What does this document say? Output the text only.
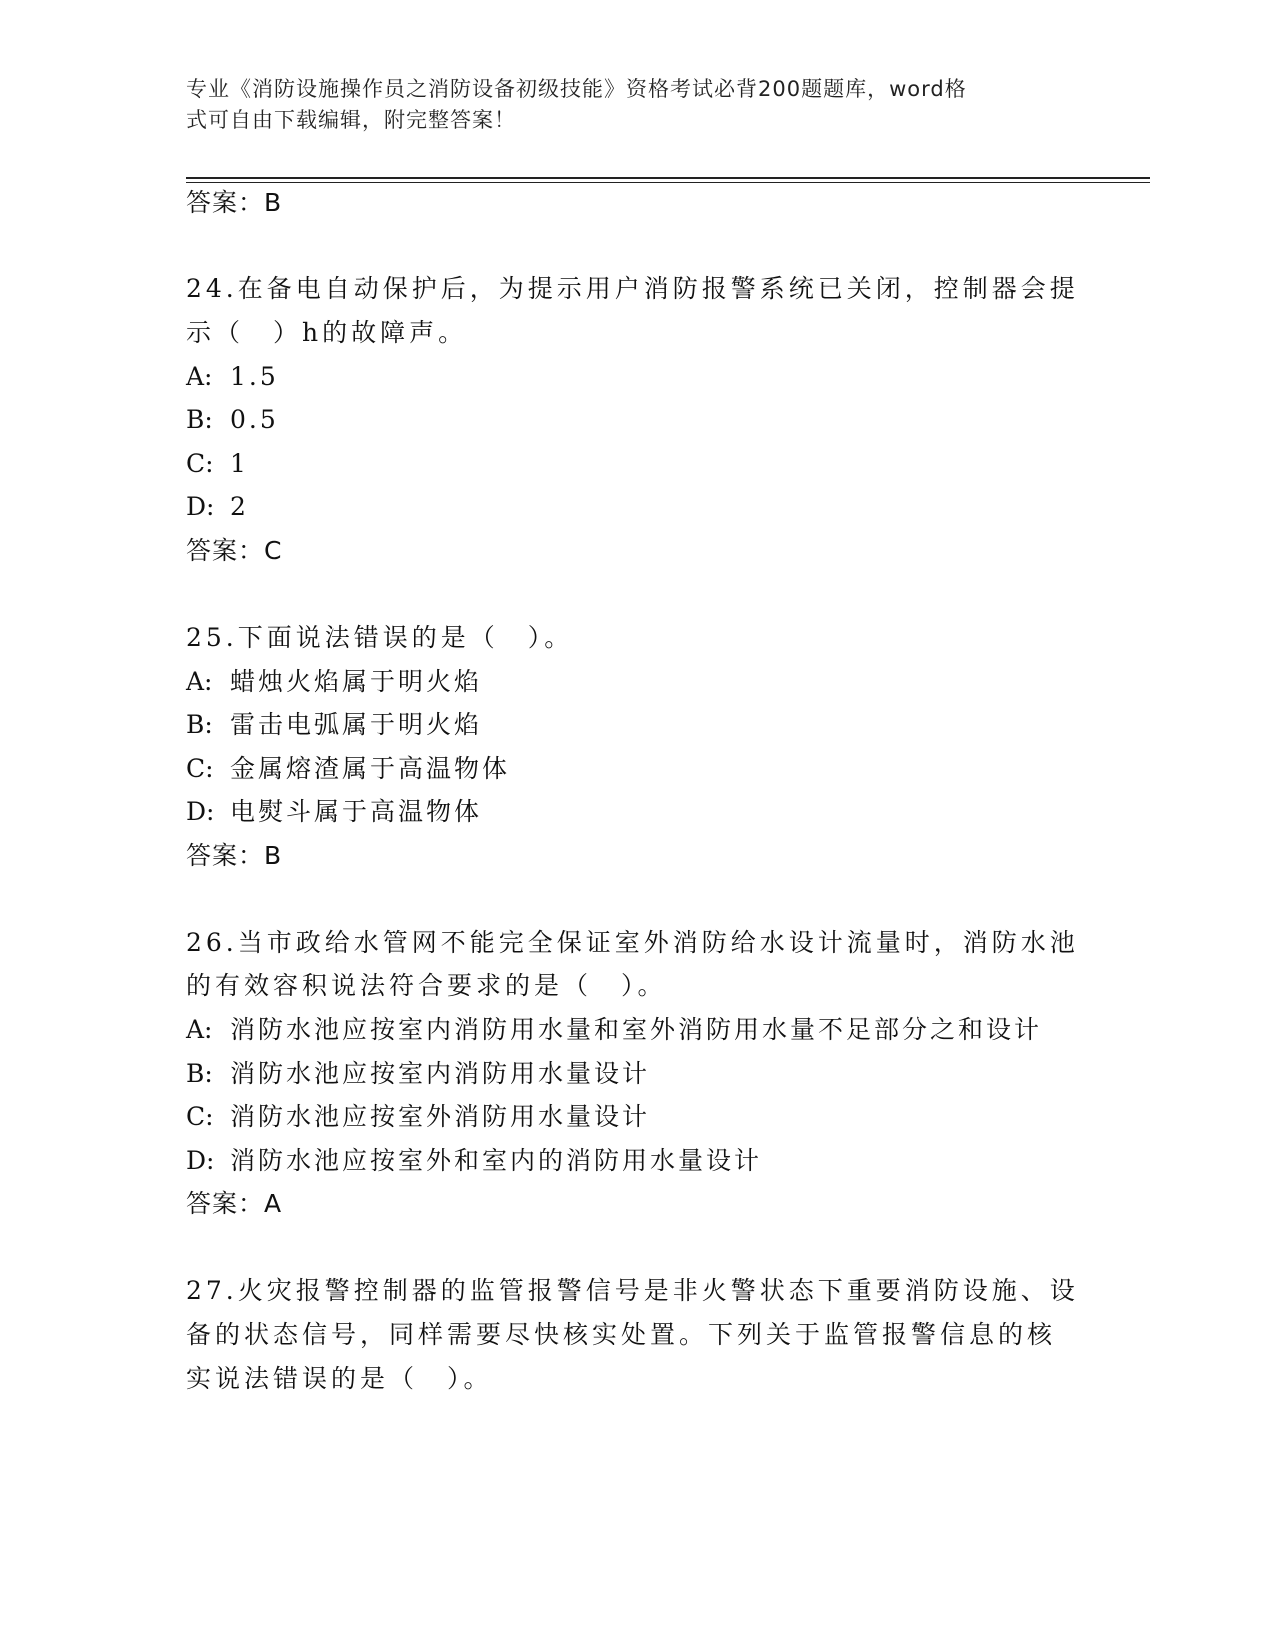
专业《消防设施操作员之消防设备初级技能》资格考试必背200题题库，word格
式可自由下载编辑，附完整答案！
答案：B
24.在备电自动保护后，为提示用户消防报警系统已关闭，控制器会提
示（　）h的故障声。
A: 1.5
B: 0.5
C: 1
D: 2
答案：C
25.下面说法错误的是（　）。
A: 蜡烛火焰属于明火焰
B: 雷击电弧属于明火焰
C: 金属熔渣属于高温物体
D: 电熨斗属于高温物体
答案：B
26.当市政给水管网不能完全保证室外消防给水设计流量时，消防水池
的有效容积说法符合要求的是（　）。
A: 消防水池应按室内消防用水量和室外消防用水量不足部分之和设计
B: 消防水池应按室内消防用水量设计
C: 消防水池应按室外消防用水量设计
D: 消防水池应按室外和室内的消防用水量设计
答案：A
27.火灾报警控制器的监管报警信号是非火警状态下重要消防设施、设
备的状态信号，同样需要尽快核实处置。下列关于监管报警信息的核
实说法错误的是（　）。
